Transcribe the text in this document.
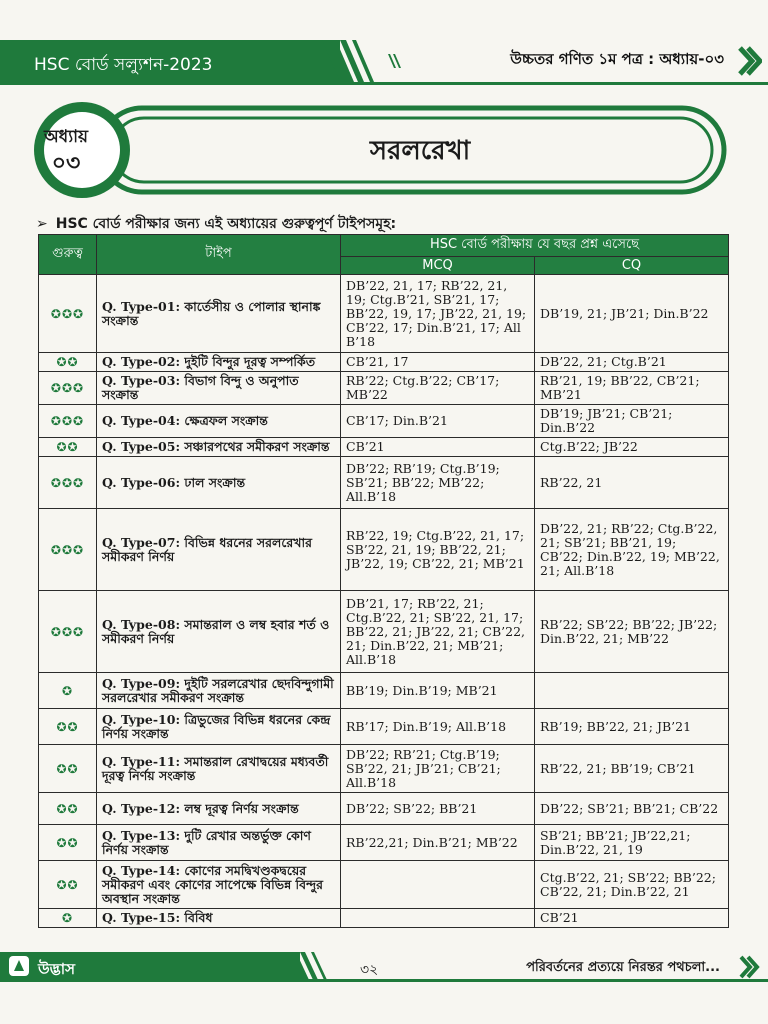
HSC বোর্ড সল্যুশন-2023	উচ্চতর গণিত ১ম পত্র : অধ্যায়-০৩
অধ্যায়
০৩	সরলরেখা
➢ HSC বোর্ড পরীক্ষার জন্য এই অধ্যায়ের গুরুত্বপূর্ণ টাইপসমূহ:
গুরুত্ব	টাইপ	HSC বোর্ড পরীক্ষায় যে বছর প্রশ্ন এসেছে	
		MCQ	CQ
✪✪✪	Q. Type-01: কার্তেসীয় ও পোলার স্থানাঙ্ক সংক্রান্ত	DB’22, 21, 17; RB’22, 21, 19; Ctg.B’21, SB’21, 17; BB’22, 19, 17; JB’22, 21, 19; CB’22, 17; Din.B’21, 17; All B’18	DB’19, 21; JB’21; Din.B’22
✪✪	Q. Type-02: দুইটি বিন্দুর দূরত্ব সম্পর্কিত	CB’21, 17	DB’22, 21; Ctg.B’21
✪✪✪	Q. Type-03: বিভাগ বিন্দু ও অনুপাত সংক্রান্ত	RB’22; Ctg.B’22; CB’17; MB’22	RB’21, 19; BB’22, CB’21; MB’21
✪✪✪	Q. Type-04: ক্ষেত্রফল সংক্রান্ত	CB’17; Din.B’21	DB’19; JB’21; CB’21; Din.B’22
✪✪	Q. Type-05: সঞ্চারপথের সমীকরণ সংক্রান্ত	CB’21	Ctg.B’22; JB’22
✪✪✪	Q. Type-06: ঢাল সংক্রান্ত	DB’22; RB’19; Ctg.B’19; SB’21; BB’22; MB’22; All.B’18	RB’22, 21
✪✪✪	Q. Type-07: বিভিন্ন ধরনের সরলরেখার সমীকরণ নির্ণয়	RB’22, 19; Ctg.B’22, 21, 17; SB’22, 21, 19; BB’22, 21; JB’22, 19; CB’22, 21; MB’21	DB’22, 21; RB’22; Ctg.B’22, 21; SB’21; BB’21, 19; CB’22; Din.B’22, 19; MB’22, 21; All.B’18
✪✪✪	Q. Type-08: সমান্তরাল ও লম্ব হবার শর্ত ও সমীকরণ নির্ণয়	DB’21, 17; RB’22, 21; Ctg.B’22, 21; SB’22, 21, 17; BB’22, 21; JB’22, 21; CB’22, 21; Din.B’22, 21; MB’21; All.B’18	RB’22; SB’22; BB’22; JB’22; Din.B’22, 21; MB’22
✪	Q. Type-09: দুইটি সরলরেখার ছেদবিন্দুগামী সরলরেখার সমীকরণ সংক্রান্ত	BB’19; Din.B’19; MB’21	
✪✪	Q. Type-10: ত্রিভুজের বিভিন্ন ধরনের কেন্দ্র নির্ণয় সংক্রান্ত	RB’17; Din.B’19; All.B’18	RB’19; BB’22, 21; JB’21
✪✪	Q. Type-11: সমান্তরাল রেখাদ্বয়ের মধ্যবর্তী দূরত্ব নির্ণয় সংক্রান্ত	DB’22; RB’21; Ctg.B’19; SB’22, 21; JB’21; CB’21; All.B’18	RB’22, 21; BB’19; CB’21
✪✪	Q. Type-12: লম্ব দূরত্ব নির্ণয় সংক্রান্ত	DB’22; SB’22; BB’21	DB’22; SB’21; BB’21; CB’22
✪✪	Q. Type-13: দুটি রেখার অন্তর্ভুক্ত কোণ নির্ণয় সংক্রান্ত	RB’22,21; Din.B’21; MB’22	SB’21; BB’21; JB’22,21; Din.B’22, 21, 19
✪✪	Q. Type-14: কোণের সমদ্বিখণ্ডকদ্বয়ের সমীকরণ এবং কোণের সাপেক্ষে বিভিন্ন বিন্দুর অবস্থান সংক্রান্ত		Ctg.B’22, 21; SB’22; BB’22; CB’22, 21; Din.B’22, 21
✪	Q. Type-15: বিবিধ		CB’21
উদ্ভাস	৩২	পরিবর্তনের প্রত্যয়ে নিরন্তর পথচলা...
